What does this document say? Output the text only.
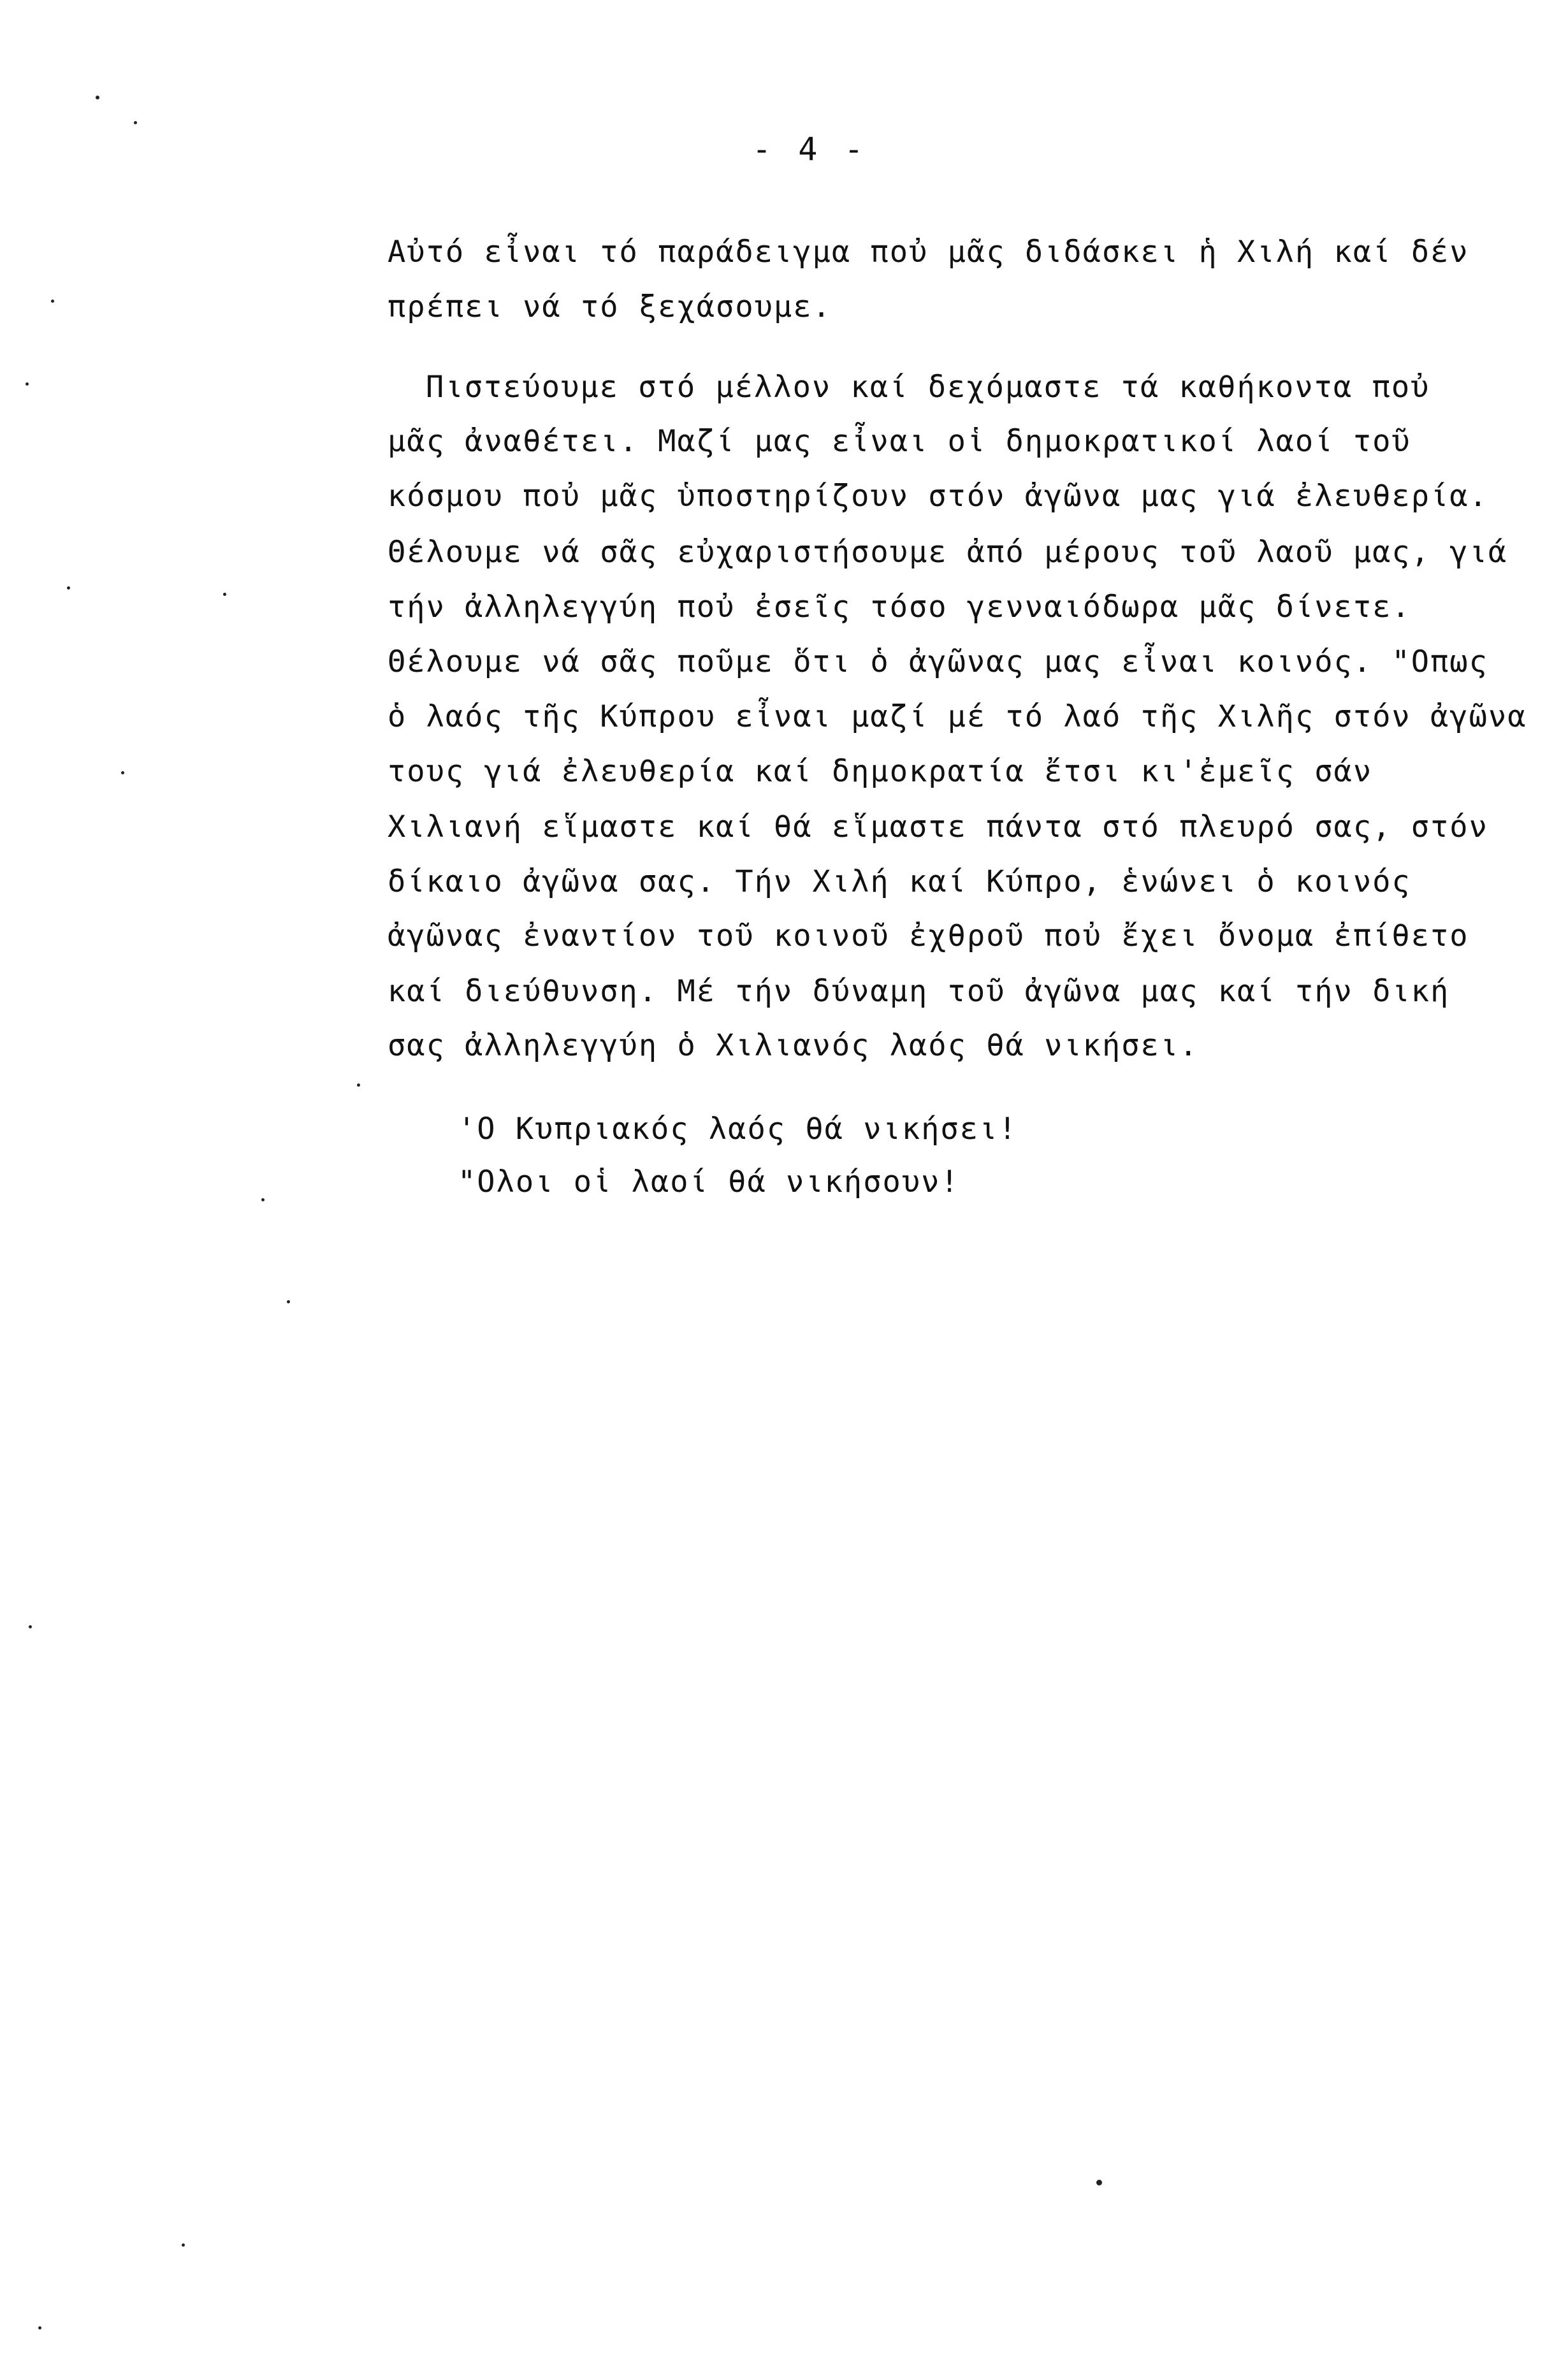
- 4 -
Αὐτό εἶναι τό παράδειγμα ποὐ μᾶς διδάσκει ἡ Χιλή καί δέν
πρέπει νά τό ξεχάσουμε.
Πιστεύουμε στό μέλλον καί δεχόμαστε τά καθήκοντα ποὐ
μᾶς ἀναθέτει. Μαζί μας εἶναι οἱ δημοκρατικοί λαοί τοῦ
κόσμου ποὐ μᾶς ὑποστηρίζουν στόν ἀγῶνα μας γιά ἐλευθερία.
Θέλουμε νά σᾶς εὐχαριστήσουμε ἀπό μέρους τοῦ λαοῦ μας, γιά
τήν ἀλληλεγγύη ποὐ ἐσεῖς τόσο γενναιόδωρα μᾶς δίνετε.
Θέλουμε νά σᾶς ποῦμε ὅτι ὁ ἀγῶνας μας εἶναι κοινός. "Οπως
ὁ λαός τῆς Κύπρου εἶναι μαζί μέ τό λαό τῆς Χιλῆς στόν ἀγῶνα
τους γιά ἐλευθερία καί δημοκρατία ἔτσι κι'ἐμεῖς σάν
Χιλιανή εἵμαστε καί θά εἵμαστε πάντα στό πλευρό σας, στόν
δίκαιο ἀγῶνα σας. Τήν Χιλή καί Κύπρο, ἑνώνει ὁ κοινός
ἀγῶνας ἐναντίον τοῦ κοινοῦ ἐχθροῦ ποὐ ἔχει ὄνομα ἐπίθετο
καί διεύθυνση. Μέ τήν δύναμη τοῦ ἀγῶνα μας καί τήν δική
σας ἀλληλεγγύη ὁ Χιλιανός λαός θά νικήσει.
'Ο Κυπριακός λαός θά νικήσει!
"Ολοι οἱ λαοί θά νικήσουν!
